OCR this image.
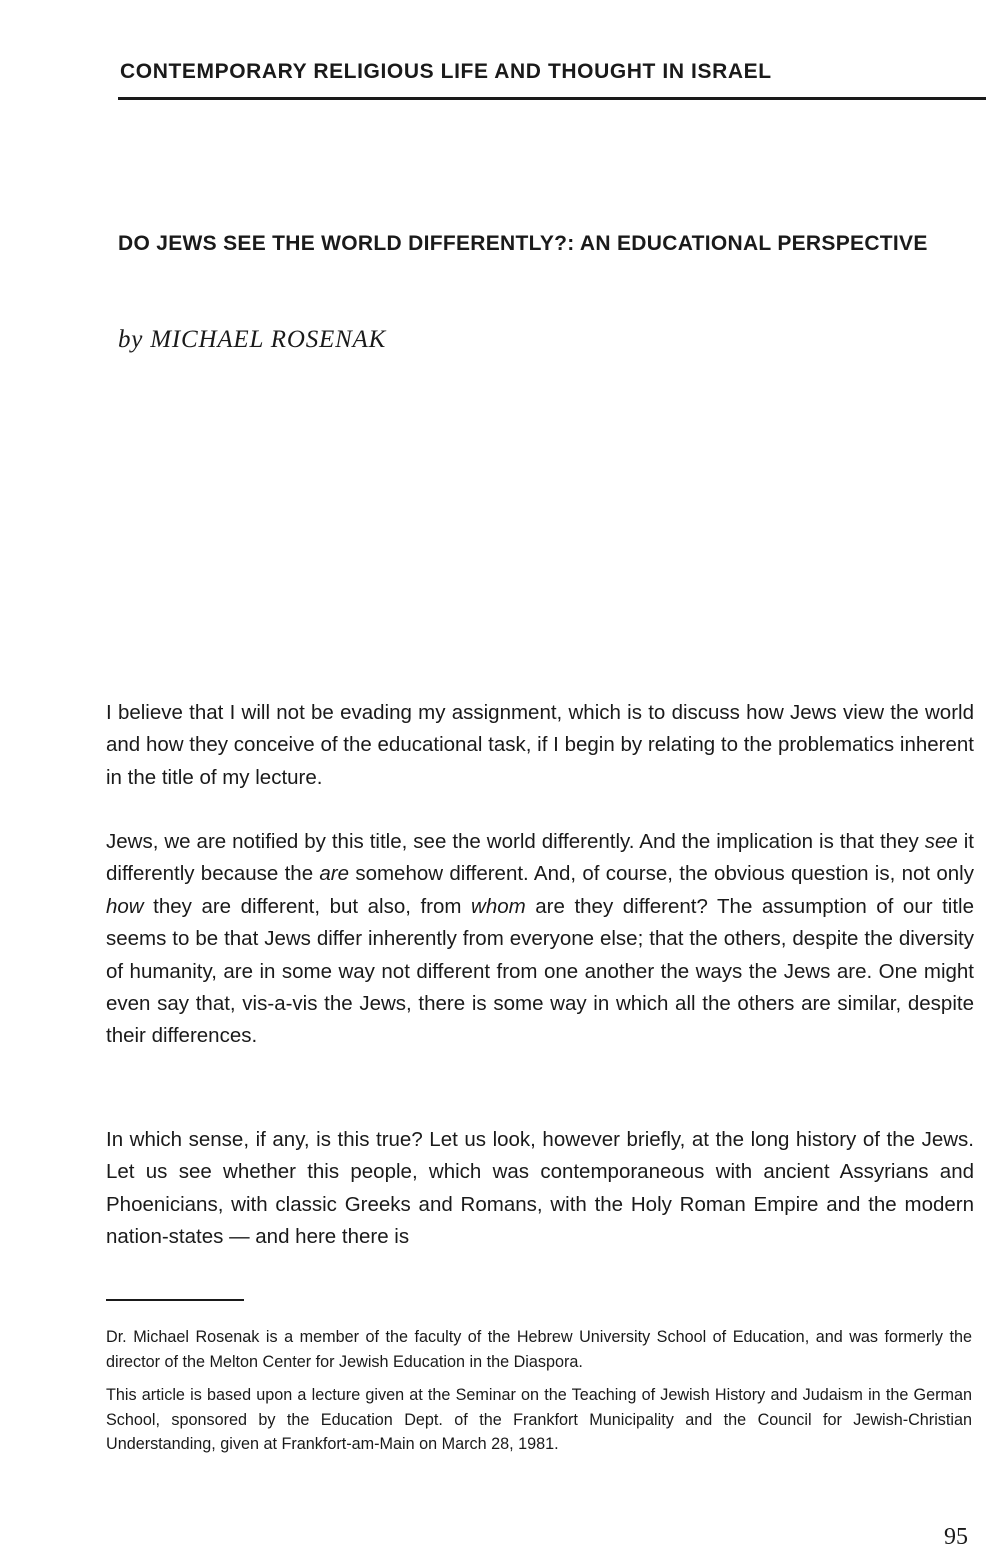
CONTEMPORARY RELIGIOUS LIFE AND THOUGHT IN ISRAEL

DO JEWS SEE THE WORLD DIFFERENTLY?: AN EDUCATIONAL PERSPECTIVE

by MICHAEL ROSENAK

I believe that I will not be evading my assignment, which is to discuss how Jews view the world and how they conceive of the educational task, if I begin by relating to the problematics inherent in the title of my lecture.

Jews, we are notified by this title, see the world differently. And the implication is that they see it differently because the are somehow different. And, of course, the obvious question is, not only how they are different, but also, from whom are they different? The assumption of our title seems to be that Jews differ inherently from everyone else; that the others, despite the diversity of humanity, are in some way not different from one another the ways the Jews are. One might even say that, vis-a-vis the Jews, there is some way in which all the others are similar, despite their differences.

In which sense, if any, is this true? Let us look, however briefly, at the long history of the Jews. Let us see whether this people, which was contemporaneous with ancient Assyrians and Phoenicians, with classic Greeks and Romans, with the Holy Roman Empire and the modern nation-states — and here there is

Dr. Michael Rosenak is a member of the faculty of the Hebrew University School of Education, and was formerly the director of the Melton Center for Jewish Education in the Diaspora.

This article is based upon a lecture given at the Seminar on the Teaching of Jewish History and Judaism in the German School, sponsored by the Education Dept. of the Frankfort Municipality and the Council for Jewish-Christian Understanding, given at Frankfort-am-Main on March 28, 1981.

95
